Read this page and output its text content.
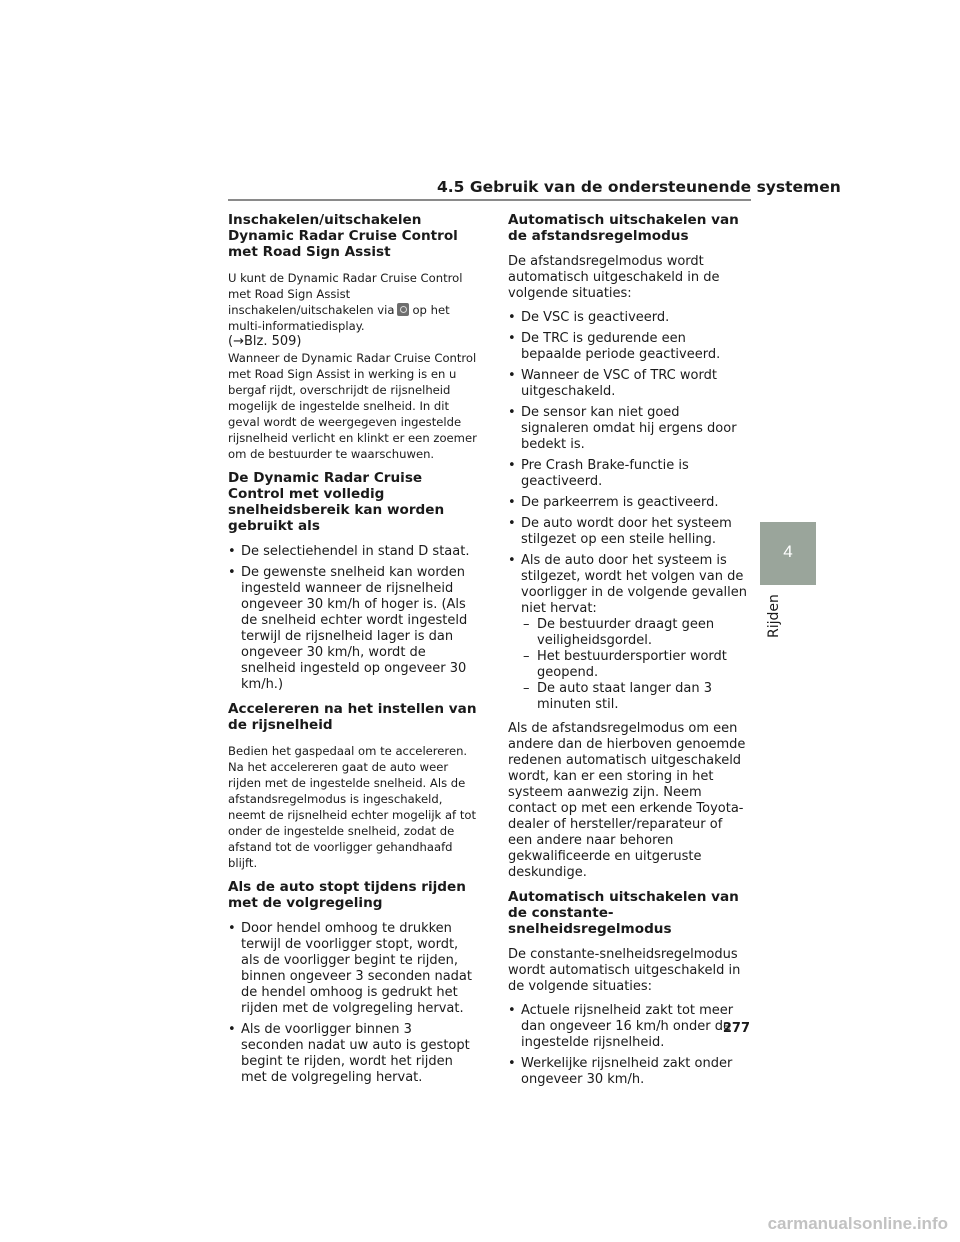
4.5 Gebruik van de ondersteunende systemen
Inschakelen/uitschakelen Dynamic Radar Cruise Control met Road Sign Assist

U kunt de Dynamic Radar Cruise Control met Road Sign Assist inschakelen/uitschakelen via op het multi-informatiedisplay.

(→Blz. 509)

Wanneer de Dynamic Radar Cruise Control met Road Sign Assist in werking is en u bergaf rijdt, overschrijdt de rijsnelheid mogelijk de ingestelde snelheid. In dit geval wordt de weergegeven ingestelde rijsnelheid verlicht en klinkt er een zoemer om de bestuurder te waarschuwen.

De Dynamic Radar Cruise Control met volledig snelheidsbereik kan worden gebruikt als
• De selectiehendel in stand D staat.
• De gewenste snelheid kan worden ingesteld wanneer de rijsnelheid ongeveer 30 km/h of hoger is. (Als de snelheid echter wordt ingesteld terwijl de rijsnelheid lager is dan ongeveer 30 km/h, wordt de snelheid ingesteld op ongeveer 30 km/h.)
Accelereren na het instellen van de rijsnelheid

Bedien het gaspedaal om te accelereren. Na het accelereren gaat de auto weer rijden met de ingestelde snelheid. Als de afstandsregelmodus is ingeschakeld, neemt de rijsnelheid echter mogelijk af tot onder de ingestelde snelheid, zodat de afstand tot de voorligger gehandhaafd blijft.

Als de auto stopt tijdens rijden met de volgregeling
• Door hendel omhoog te drukken terwijl de voorligger stopt, wordt, als de voorligger begint te rijden, binnen ongeveer 3 seconden nadat de hendel omhoog is gedrukt het rijden met de volgregeling hervat.
• Als de voorligger binnen 3 seconden nadat uw auto is gestopt begint te rijden, wordt het rijden met de volgregeling hervat.
Automatisch uitschakelen van de afstandsregelmodus

De afstandsregelmodus wordt automatisch uitgeschakeld in de volgende situaties:

• De VSC is geactiveerd.
• De TRC is gedurende een bepaalde periode geactiveerd.
• Wanneer de VSC of TRC wordt uitgeschakeld.
• De sensor kan niet goed signaleren omdat hij ergens door bedekt is.
• Pre Crash Brake-functie is geactiveerd.
• De parkeerrem is geactiveerd.
• De auto wordt door het systeem stilgezet op een steile helling.
• Als de auto door het systeem is stilgezet, wordt het volgen van de voorligger in de volgende gevallen niet hervat:
– De bestuurder draagt geen veiligheidsgordel.
– Het bestuurdersportier wordt geopend.
– De auto staat langer dan 3 minuten stil.

Als de afstandsregelmodus om een andere dan de hierboven genoemde redenen automatisch uitgeschakeld wordt, kan er een storing in het systeem aanwezig zijn. Neem contact op met een erkende Toyota-dealer of hersteller/reparateur of een andere naar behoren gekwalificeerde en uitgeruste deskundige.

Automatisch uitschakelen van de constante-snelheidsregelmodus

De constante-snelheidsregelmodus wordt automatisch uitgeschakeld in de volgende situaties:

• Actuele rijsnelheid zakt tot meer dan ongeveer 16 km/h onder de ingestelde rijsnelheid.
• Werkelijke rijsnelheid zakt onder ongeveer 30 km/h.
4
Rijden
277
carmanualsonline.info
